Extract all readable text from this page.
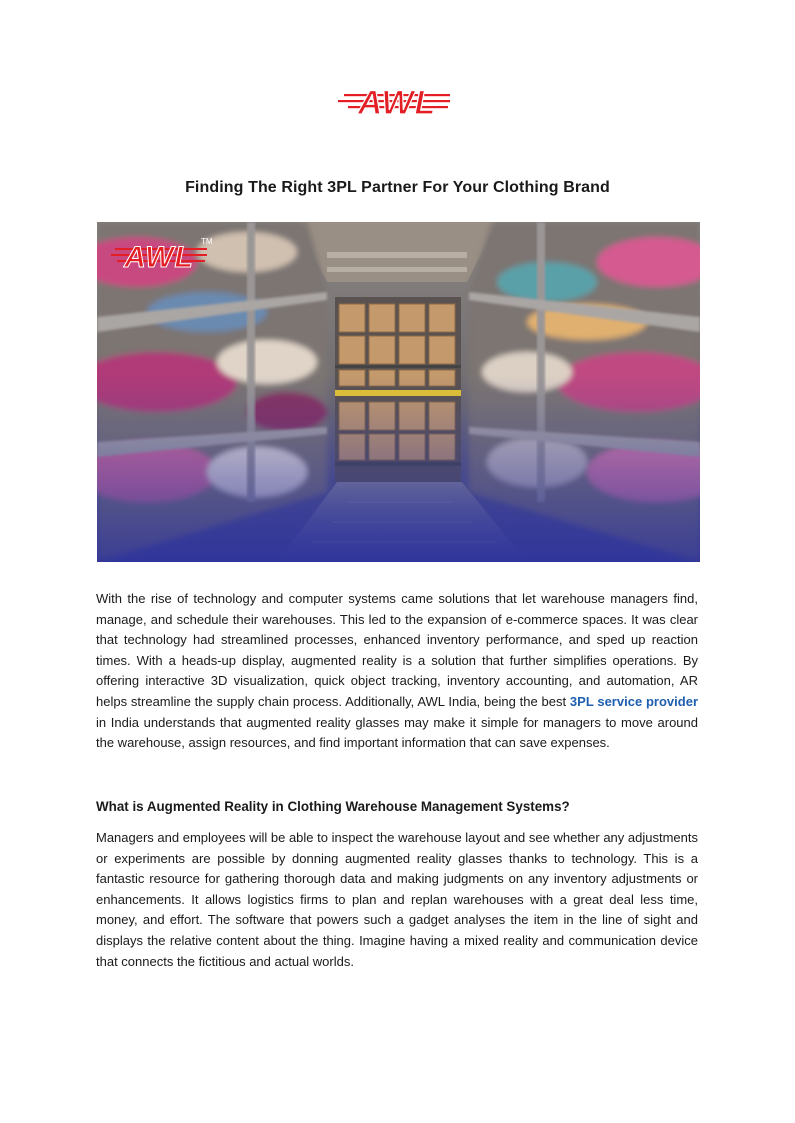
AWL
Finding The Right 3PL Partner For Your Clothing Brand
AWL TM

With the rise of technology and computer systems came solutions that let warehouse managers find, manage, and schedule their warehouses. This led to the expansion of e-commerce spaces. It was clear that technology had streamlined processes, enhanced inventory performance, and sped up reaction times. With a heads-up display, augmented reality is a solution that further simplifies operations. By offering interactive 3D visualization, quick object tracking, inventory accounting, and automation, AR helps streamline the supply chain process. Additionally, AWL India, being the best 3PL service provider in India understands that augmented reality glasses may make it simple for managers to move around the warehouse, assign resources, and find important information that can save expenses.

What is Augmented Reality in Clothing Warehouse Management Systems?

Managers and employees will be able to inspect the warehouse layout and see whether any adjustments or experiments are possible by donning augmented reality glasses thanks to technology. This is a fantastic resource for gathering thorough data and making judgments on any inventory adjustments or enhancements. It allows logistics firms to plan and replan warehouses with a great deal less time, money, and effort. The software that powers such a gadget analyses the item in the line of sight and displays the relative content about the thing. Imagine having a mixed reality and communication device that connects the fictitious and actual worlds.
